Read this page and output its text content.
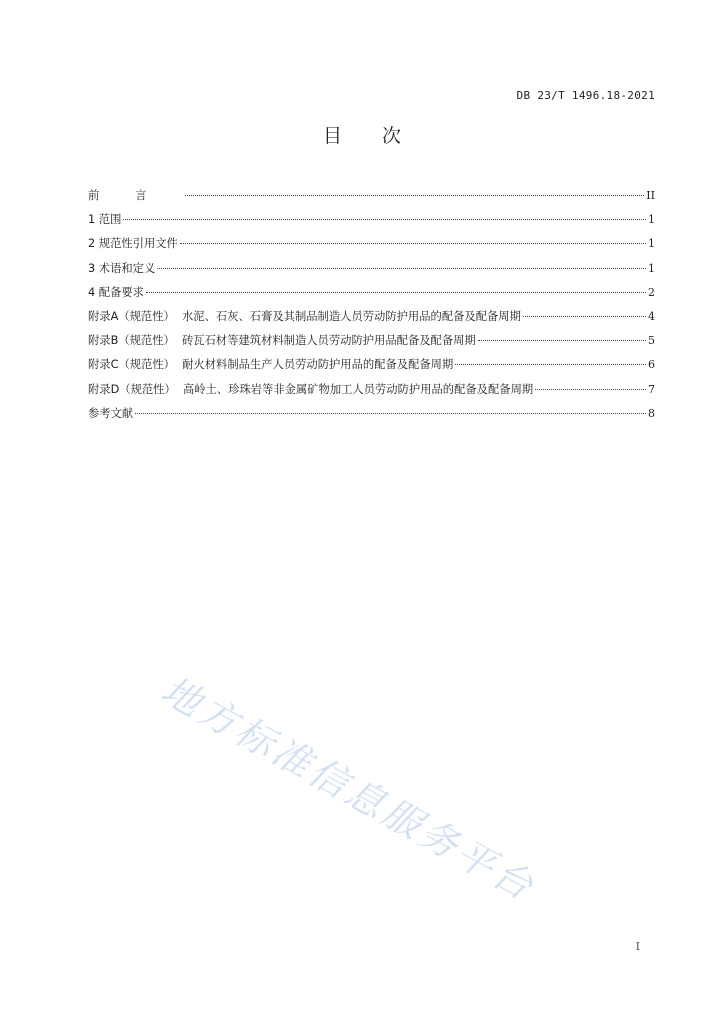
DB 23/T 1496.18-2021
目次
前言	II
1 范围	1
2 规范性引用文件	1
3 术语和定义	1
4 配备要求	2
附录A（规范性）  水泥、石灰、石膏及其制品制造人员劳动防护用品的配备及配备周期	4
附录B（规范性）  砖瓦石材等建筑材料制造人员劳动防护用品配备及配备周期	5
附录C（规范性）  耐火材料制品生产人员劳动防护用品的配备及配备周期	6
附录D（规范性）  高岭土、珍珠岩等非金属矿物加工人员劳动防护用品的配备及配备周期	7
参考文献	8
地方标准信息服务平台
I
